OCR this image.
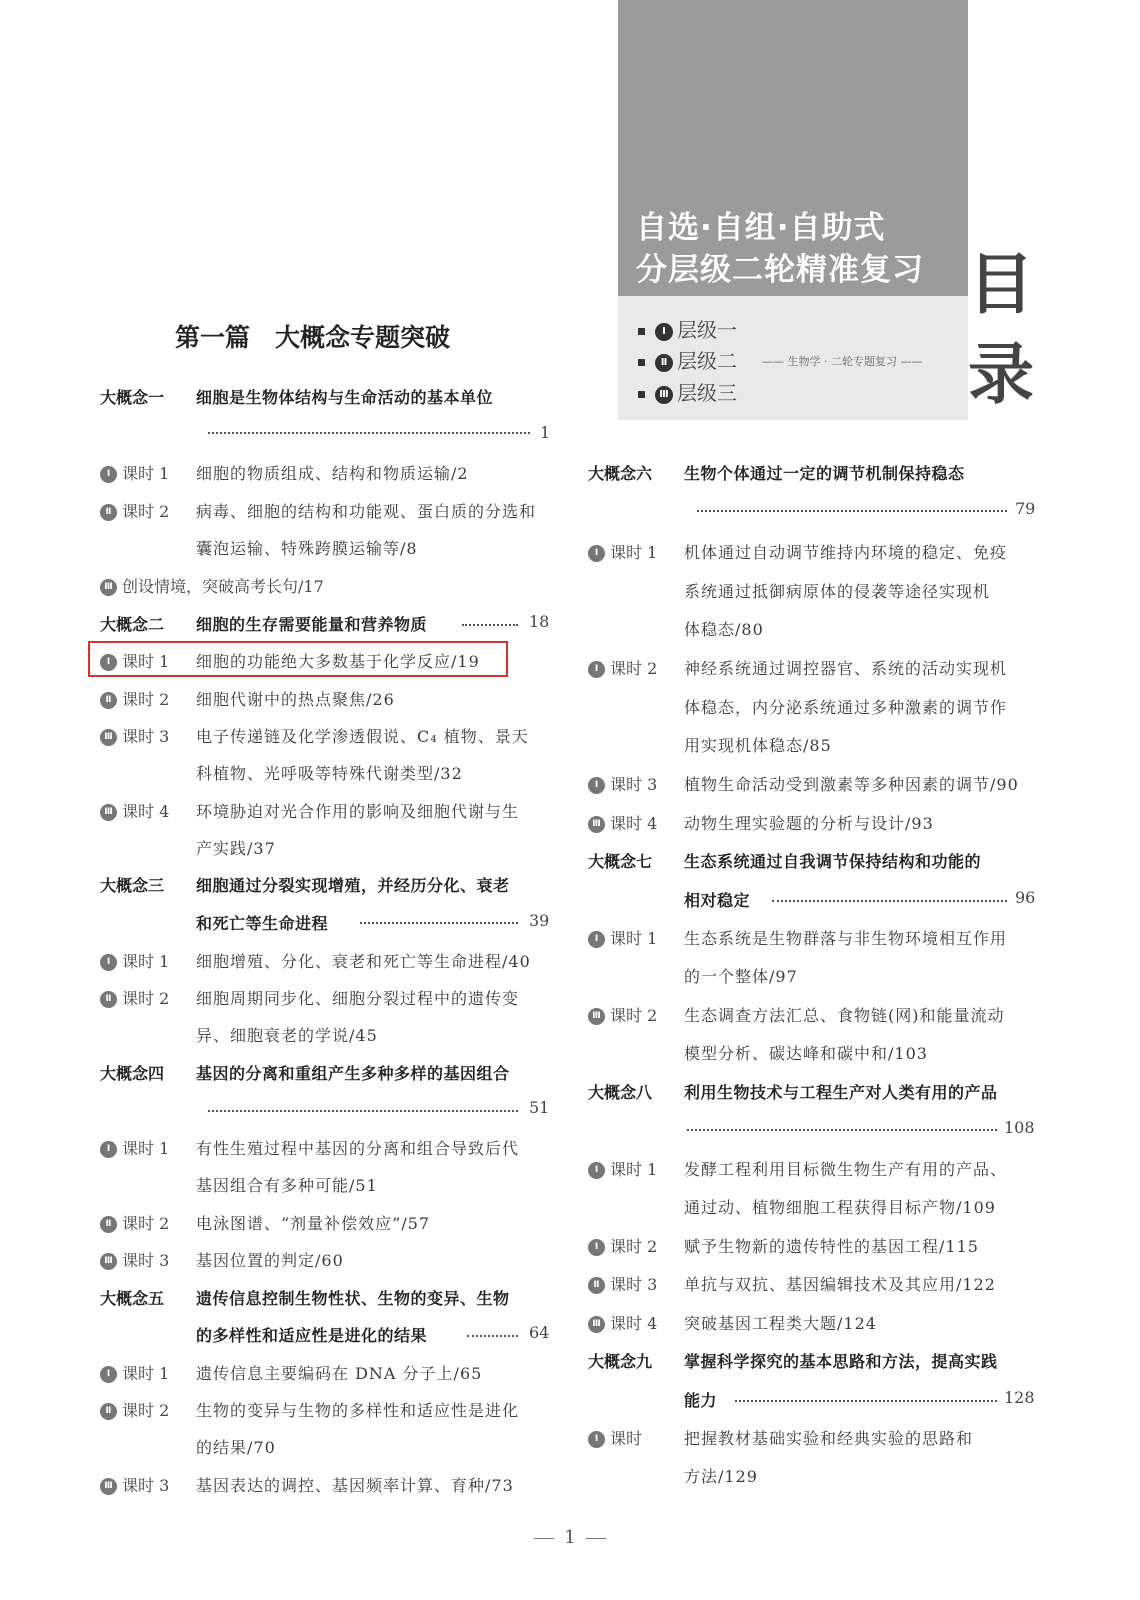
自选·自组·自助式
分层级二轮精准复习
Ⅰ 层级一
Ⅱ 层级二
Ⅲ 层级三
—— 生物学 · 二轮专题复习 ——
目
录
第一篇　大概念专题突破
大概念一 细胞是生物体结构与生命活动的基本单位
1
Ⅰ 课时 1 细胞的物质组成、结构和物质运输/2
Ⅱ 课时 2 病毒、细胞的结构和功能观、蛋白质的分选和
囊泡运输、特殊跨膜运输等/8
Ⅲ 创设情境，突破高考长句/17
大概念二 细胞的生存需要能量和营养物质	18
Ⅰ 课时 1 细胞的功能绝大多数基于化学反应/19
Ⅱ 课时 2 细胞代谢中的热点聚焦/26
Ⅲ 课时 3 电子传递链及化学渗透假说、C₄ 植物、景天
科植物、光呼吸等特殊代谢类型/32
Ⅲ 课时 4 环境胁迫对光合作用的影响及细胞代谢与生
产实践/37
大概念三 细胞通过分裂实现增殖，并经历分化、衰老
和死亡等生命进程	39
Ⅰ 课时 1 细胞增殖、分化、衰老和死亡等生命进程/40
Ⅱ 课时 2 细胞周期同步化、细胞分裂过程中的遗传变
异、细胞衰老的学说/45
大概念四 基因的分离和重组产生多种多样的基因组合
51
Ⅰ 课时 1 有性生殖过程中基因的分离和组合导致后代
基因组合有多种可能/51
Ⅱ 课时 2 电泳图谱、“剂量补偿效应”/57
Ⅲ 课时 3 基因位置的判定/60
大概念五 遗传信息控制生物性状、生物的变异、生物
的多样性和适应性是进化的结果	64
Ⅰ 课时 1 遗传信息主要编码在 DNA 分子上/65
Ⅱ 课时 2 生物的变异与生物的多样性和适应性是进化
的结果/70
Ⅲ 课时 3 基因表达的调控、基因频率计算、育种/73
大概念六 生物个体通过一定的调节机制保持稳态
79
Ⅰ 课时 1 机体通过自动调节维持内环境的稳定、免疫
系统通过抵御病原体的侵袭等途径实现机
体稳态/80
Ⅰ 课时 2 神经系统通过调控器官、系统的活动实现机
体稳态，内分泌系统通过多种激素的调节作
用实现机体稳态/85
Ⅰ 课时 3 植物生命活动受到激素等多种因素的调节/90
Ⅲ 课时 4 动物生理实验题的分析与设计/93
大概念七 生态系统通过自我调节保持结构和功能的
相对稳定	96
Ⅰ 课时 1 生态系统是生物群落与非生物环境相互作用
的一个整体/97
Ⅲ 课时 2 生态调查方法汇总、食物链(网)和能量流动
模型分析、碳达峰和碳中和/103
大概念八 利用生物技术与工程生产对人类有用的产品
108
Ⅰ 课时 1 发酵工程利用目标微生物生产有用的产品、
通过动、植物细胞工程获得目标产物/109
Ⅰ 课时 2 赋予生物新的遗传特性的基因工程/115
Ⅱ 课时 3 单抗与双抗、基因编辑技术及其应用/122
Ⅲ 课时 4 突破基因工程类大题/124
大概念九 掌握科学探究的基本思路和方法，提高实践
能力	128
Ⅰ 课时	把握教材基础实验和经典实验的思路和
方法/129
1
